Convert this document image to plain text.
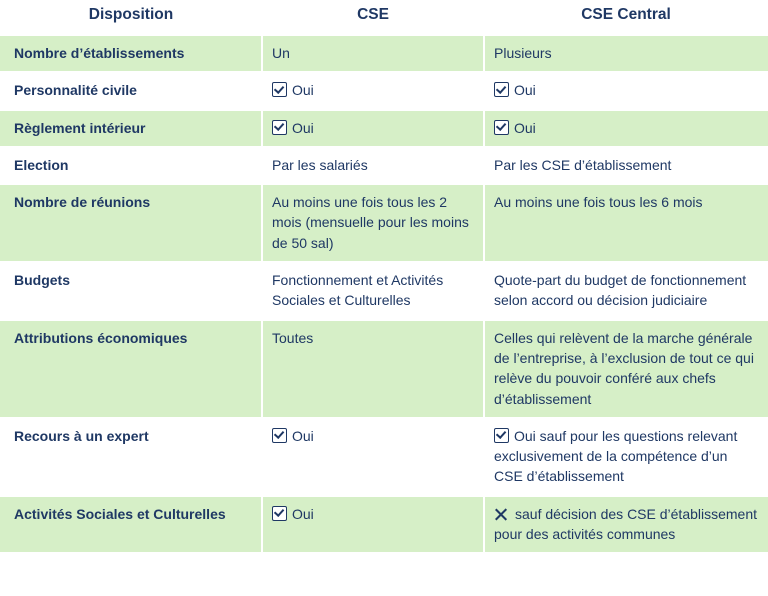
Disposition	CSE	CSE Central
Nombre d’établissements	Un	Plusieurs
Personnalité civile	Oui	Oui
Règlement intérieur	Oui	Oui
Election	Par les salariés	Par les CSE d’établissement
Nombre de réunions	Au moins une fois tous les 2 mois (mensuelle pour les moins de 50 sal)	Au moins une fois tous les 6 mois
Budgets	Fonctionnement et Activités Sociales et Culturelles	Quote-part du budget de fonctionnement selon accord ou décision judiciaire
Attributions économiques	Toutes	Celles qui relèvent de la marche générale de l’entreprise, à l’exclusion de tout ce qui relève du pouvoir conféré aux chefs d’établissement
Recours à un expert	Oui	Oui sauf pour les questions relevant exclusivement de la compétence d’un CSE d’établissement
Activités Sociales et Culturelles	Oui	sauf décision des CSE d’établissement pour des activités communes
